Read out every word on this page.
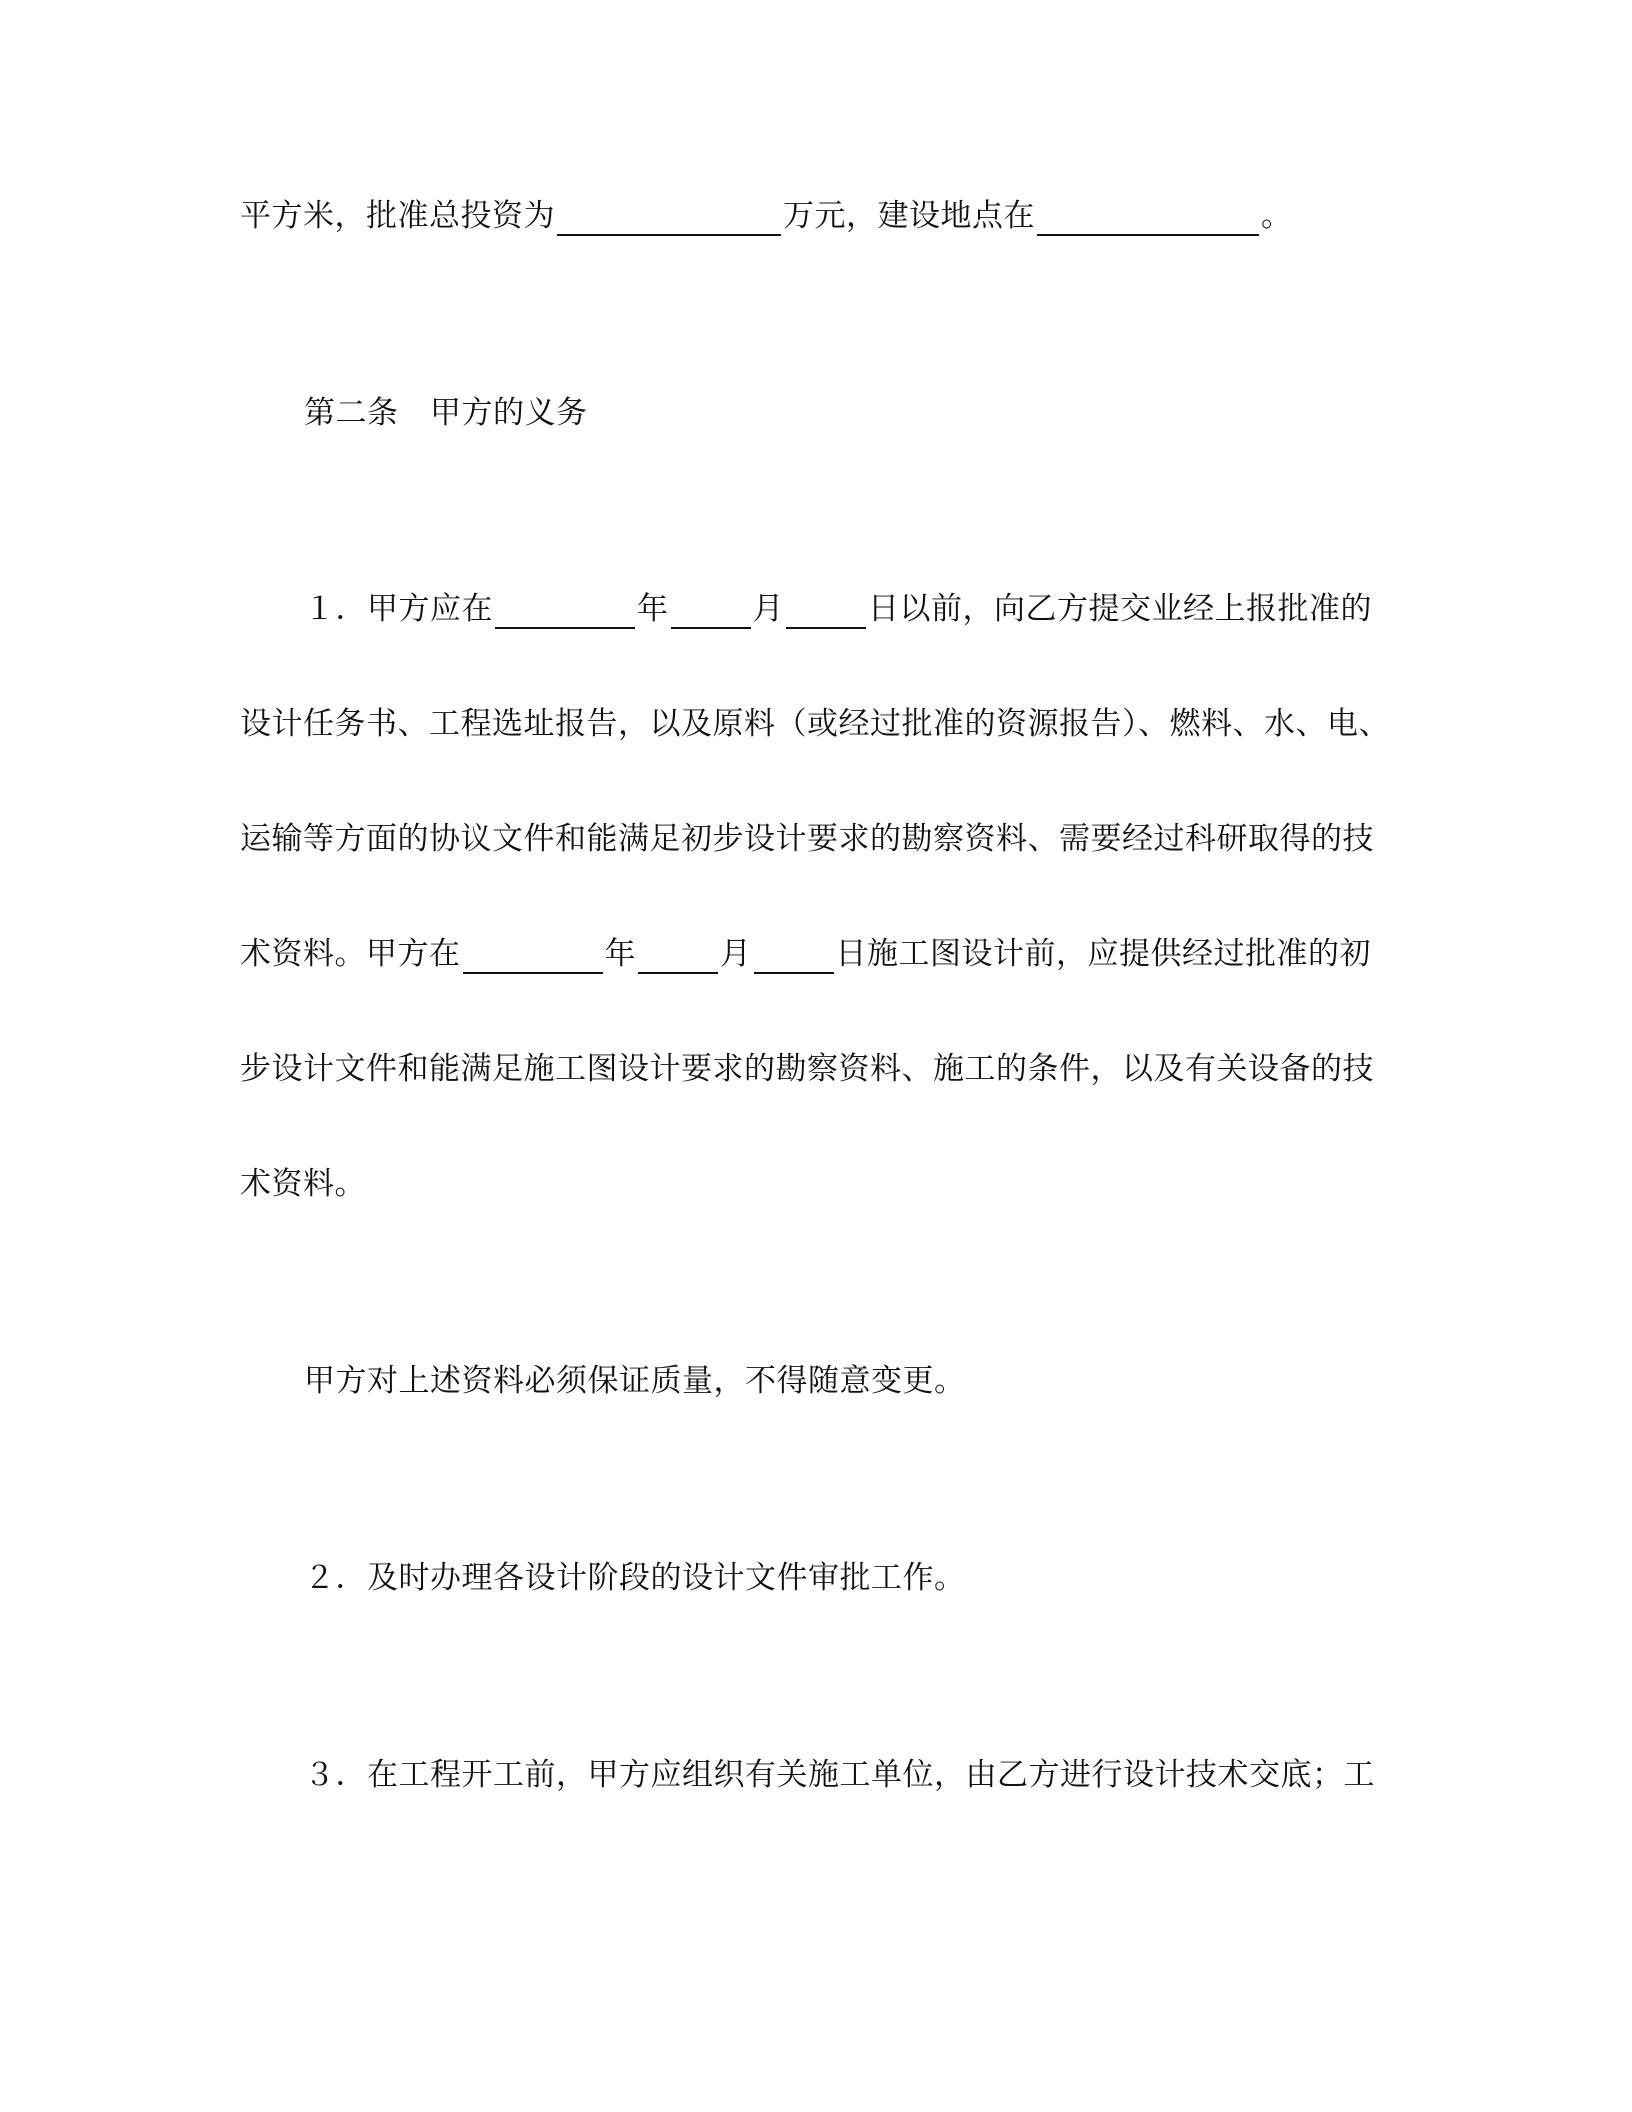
平方米，批准总投资为	万元，建设地点在	。
第二条　甲方的义务
１．甲方应在	年	月	日以前，向乙方提交业经上报批准的
设计任务书、工程选址报告，以及原料（或经过批准的资源报告）、燃料、水、电、
运输等方面的协议文件和能满足初步设计要求的勘察资料、需要经过科研取得的技
术资料。甲方在	年	月	日施工图设计前，应提供经过批准的初
步设计文件和能满足施工图设计要求的勘察资料、施工的条件，以及有关设备的技
术资料。
甲方对上述资料必须保证质量，不得随意变更。
２．及时办理各设计阶段的设计文件审批工作。
３．在工程开工前，甲方应组织有关施工单位，由乙方进行设计技术交底；工
